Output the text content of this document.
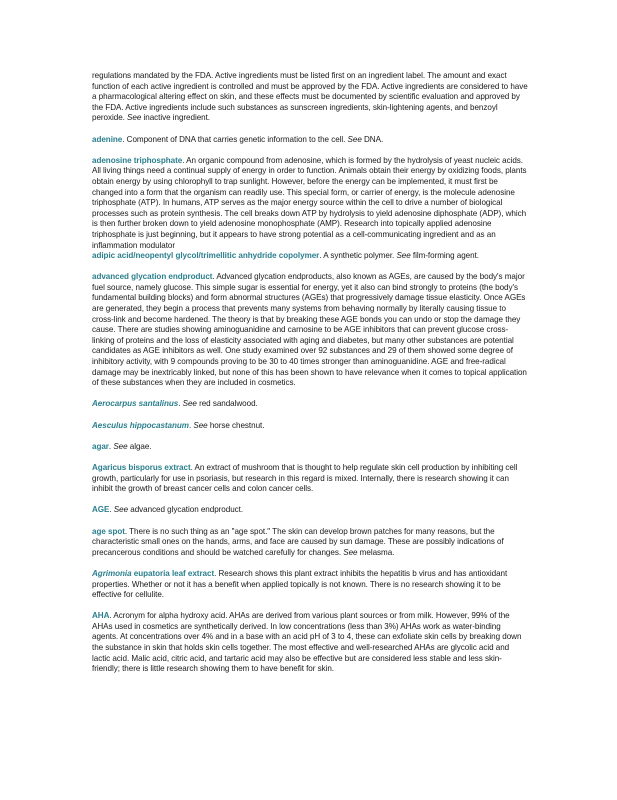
regulations mandated by the FDA. Active ingredients must be listed first on an ingredient label. The amount and exact function of each active ingredient is controlled and must be approved by the FDA. Active ingredients are considered to have a pharmacological altering effect on skin, and these effects must be documented by scientific evaluation and approved by the FDA. Active ingredients include such substances as sunscreen ingredients, skin-lightening agents, and benzoyl peroxide. See inactive ingredient.

adenine. Component of DNA that carries genetic information to the cell. See DNA.

adenosine triphosphate. An organic compound from adenosine, which is formed by the hydrolysis of yeast nucleic acids. All living things need a continual supply of energy in order to function. Animals obtain their energy by oxidizing foods, plants obtain energy by using chlorophyll to trap sunlight. However, before the energy can be implemented, it must first be changed into a form that the organism can readily use. This special form, or carrier of energy, is the molecule adenosine triphosphate (ATP). In humans, ATP serves as the major energy source within the cell to drive a number of biological processes such as protein synthesis. The cell breaks down ATP by hydrolysis to yield adenosine diphosphate (ADP), which is then further broken down to yield adenosine monophosphate (AMP). Research into topically applied adenosine triphosphate is just beginning, but it appears to have strong potential as a cell-communicating ingredient and as an inflammation modulator

adipic acid/neopentyl glycol/trimellitic anhydride copolymer. A synthetic polymer. See film-forming agent.

advanced glycation endproduct. Advanced glycation endproducts, also known as AGEs, are caused by the body's major fuel source, namely glucose. This simple sugar is essential for energy, yet it also can bind strongly to proteins (the body's fundamental building blocks) and form abnormal structures (AGEs) that progressively damage tissue elasticity. Once AGEs are generated, they begin a process that prevents many systems from behaving normally by literally causing tissue to cross-link and become hardened. The theory is that by breaking these AGE bonds you can undo or stop the damage they cause. There are studies showing aminoguanidine and carnosine to be AGE inhibitors that can prevent glucose cross-linking of proteins and the loss of elasticity associated with aging and diabetes, but many other substances are potential candidates as AGE inhibitors as well. One study examined over 92 substances and 29 of them showed some degree of inhibitory activity, with 9 compounds proving to be 30 to 40 times stronger than aminoguanidine. AGE and free-radical damage may be inextricably linked, but none of this has been shown to have relevance when it comes to topical application of these substances when they are included in cosmetics.

Aerocarpus santalinus. See red sandalwood.

Aesculus hippocastanum. See horse chestnut.

agar. See algae.

Agaricus bisporus extract. An extract of mushroom that is thought to help regulate skin cell production by inhibiting cell growth, particularly for use in psoriasis, but research in this regard is mixed. Internally, there is research showing it can inhibit the growth of breast cancer cells and colon cancer cells.

AGE. See advanced glycation endproduct.

age spot. There is no such thing as an "age spot." The skin can develop brown patches for many reasons, but the characteristic small ones on the hands, arms, and face are caused by sun damage. These are possibly indications of precancerous conditions and should be watched carefully for changes. See melasma.

Agrimonia eupatoria leaf extract. Research shows this plant extract inhibits the hepatitis b virus and has antioxidant properties. Whether or not it has a benefit when applied topically is not known. There is no research showing it to be effective for cellulite.

AHA. Acronym for alpha hydroxy acid. AHAs are derived from various plant sources or from milk. However, 99% of the AHAs used in cosmetics are synthetically derived. In low concentrations (less than 3%) AHAs work as water-binding agents. At concentrations over 4% and in a base with an acid pH of 3 to 4, these can exfoliate skin cells by breaking down the substance in skin that holds skin cells together. The most effective and well-researched AHAs are glycolic acid and lactic acid. Malic acid, citric acid, and tartaric acid may also be effective but are considered less stable and less skin-friendly; there is little research showing them to have benefit for skin.
